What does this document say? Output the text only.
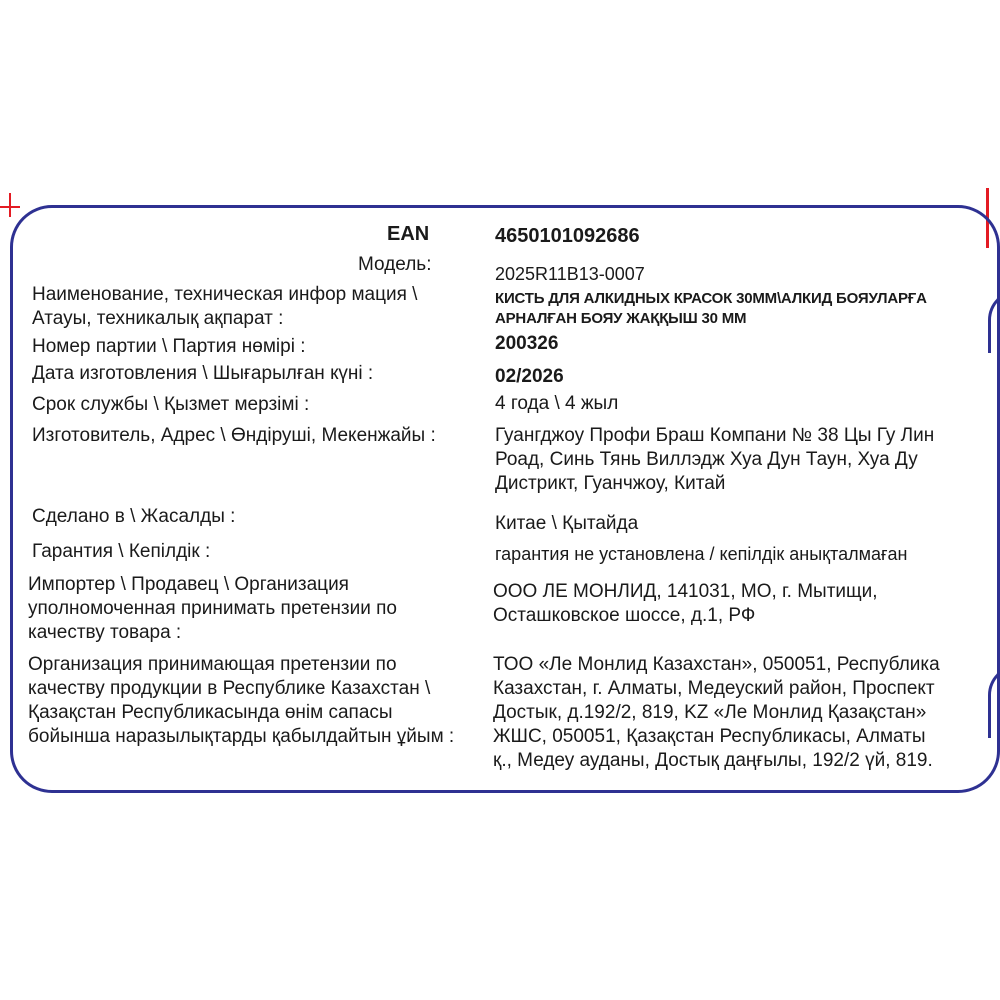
EAN	4650101092686
Модель:	2025R11B13-0007
Наименование, техническая инфор мация \
Атауы, техникалық ақпарат :
КИСТЬ ДЛЯ АЛКИДНЫХ КРАСОК 30ММ\АЛКИД БОЯУЛАРҒА
АРНАЛҒАН БОЯУ ЖАҚҚЫШ 30 ММ
Номер партии \ Партия нөмірі :	200326
Дата изготовления \ Шығарылған күні :	02/2026
Срок службы \ Қызмет мерзімі :	4 года \ 4 жыл
Изготовитель, Адрес \ Өндіруші, Мекенжайы :	Гуангджоу Профи Браш Компани № 38 Цы Гу Лин
Роад, Синь Тянь Виллэдж Хуа Дун Таун, Хуа Ду
Дистрикт, Гуанчжоу, Китай
Сделано в \ Жасалды :	Китае \ Қытайда
Гарантия \ Кепілдік :	гарантия не установлена / кепілдік анықталмаған
Импортер \ Продавец \ Организация
уполномоченная принимать претензии по
качеству товара :
ООО ЛЕ МОНЛИД, 141031, МО, г. Мытищи,
Осташковское шоссе, д.1, РФ
Организация принимающая претензии по
качеству продукции в Республике Казахстан \
Қазақстан Республикасында өнім сапасы
бойынша наразылықтарды қабылдайтын ұйым :
ТОО «Ле Монлид Казахстан», 050051, Республика
Казахстан, г. Алматы, Медеуский район, Проспект
Достык, д.192/2, 819, KZ «Ле Монлид Қазақстан»
ЖШС, 050051, Қазақстан Республикасы, Алматы
қ., Медеу ауданы, Достық даңғылы, 192/2 үй, 819.
